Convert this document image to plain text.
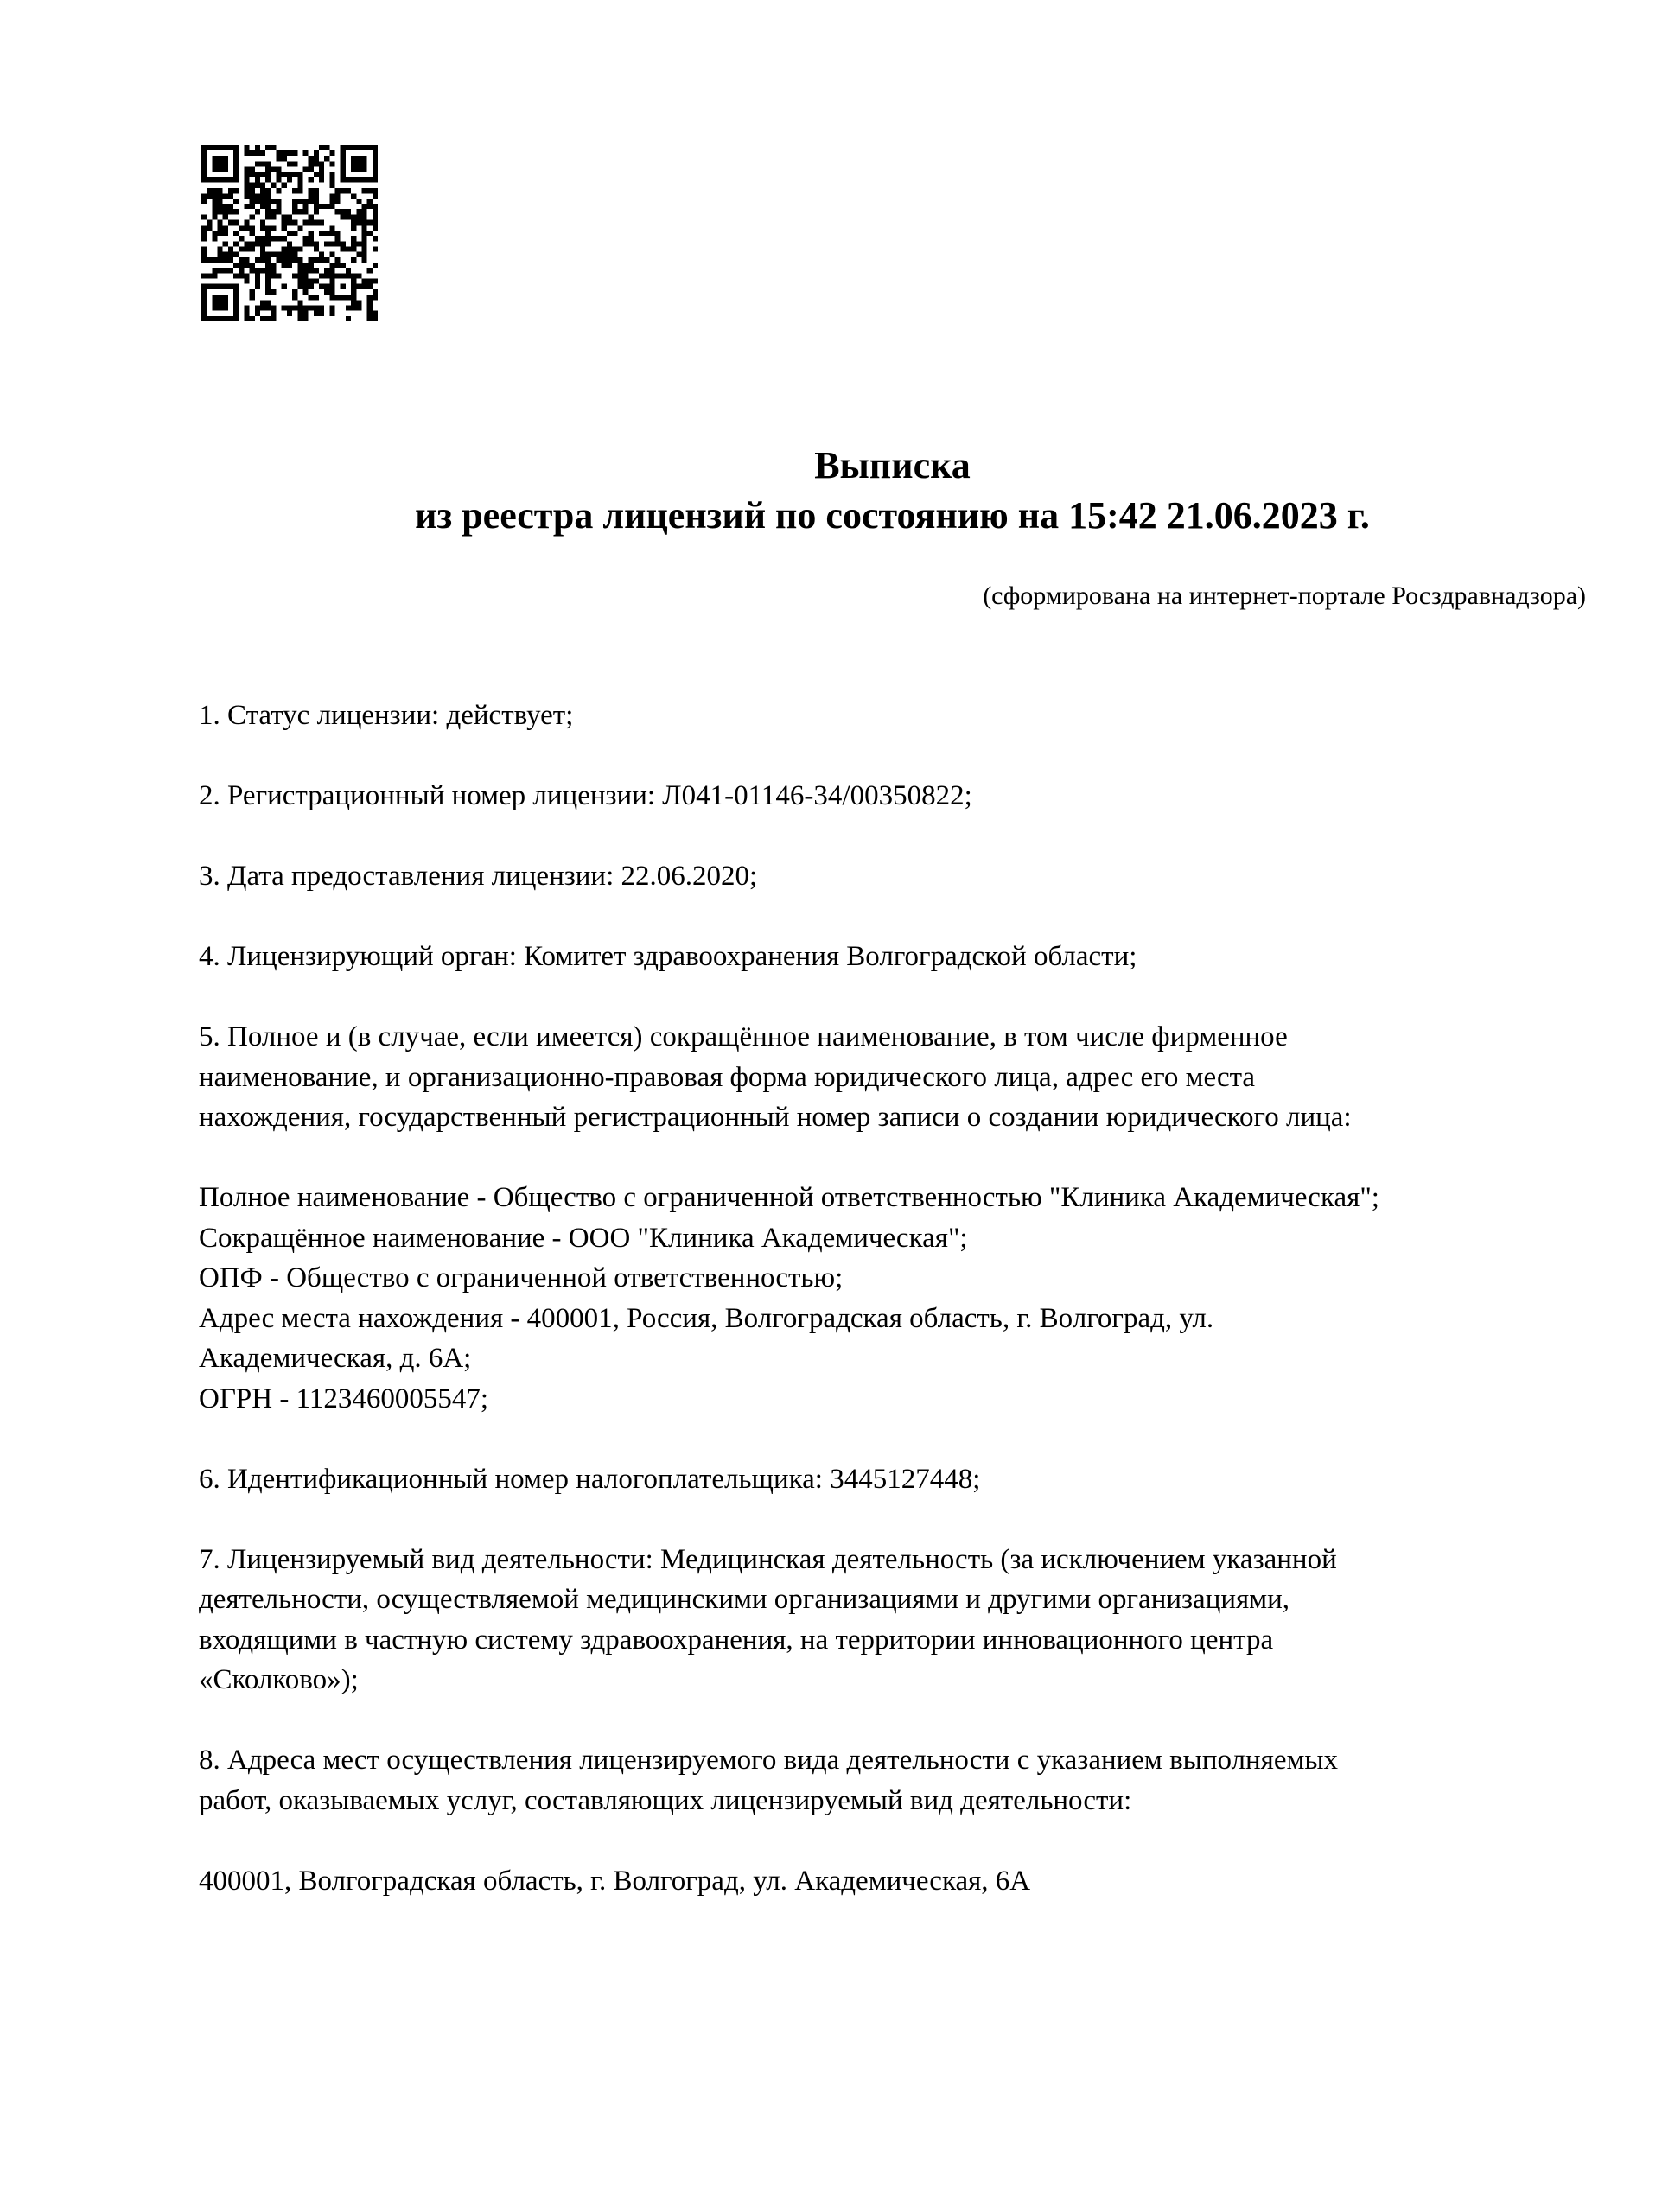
Выписка
из реестра лицензий по состоянию на 15:42 21.06.2023 г.
(сформирована на интернет-портале Росздравнадзора)

1. Статус лицензии: действует;

2. Регистрационный номер лицензии: Л041-01146-34/00350822;

3. Дата предоставления лицензии: 22.06.2020;

4. Лицензирующий орган: Комитет здравоохранения Волгоградской области;

5. Полное и (в случае, если имеется) сокращённое наименование, в том числе фирменное
наименование, и организационно-правовая форма юридического лица, адрес его места
нахождения, государственный регистрационный номер записи о создании юридического лица:

Полное наименование - Общество с ограниченной ответственностью "Клиника Академическая";
Сокращённое наименование - ООО "Клиника Академическая";
ОПФ - Общество с ограниченной ответственностью;
Адрес места нахождения - 400001, Россия, Волгоградская область, г. Волгоград, ул.
Академическая, д. 6А;
ОГРН - 1123460005547;

6. Идентификационный номер налогоплательщика: 3445127448;

7. Лицензируемый вид деятельности: Медицинская деятельность (за исключением указанной
деятельности, осуществляемой медицинскими организациями и другими организациями,
входящими в частную систему здравоохранения, на территории инновационного центра
«Сколково»);

8. Адреса мест осуществления лицензируемого вида деятельности с указанием выполняемых
работ, оказываемых услуг, составляющих лицензируемый вид деятельности:

400001, Волгоградская область, г. Волгоград, ул. Академическая, 6А
